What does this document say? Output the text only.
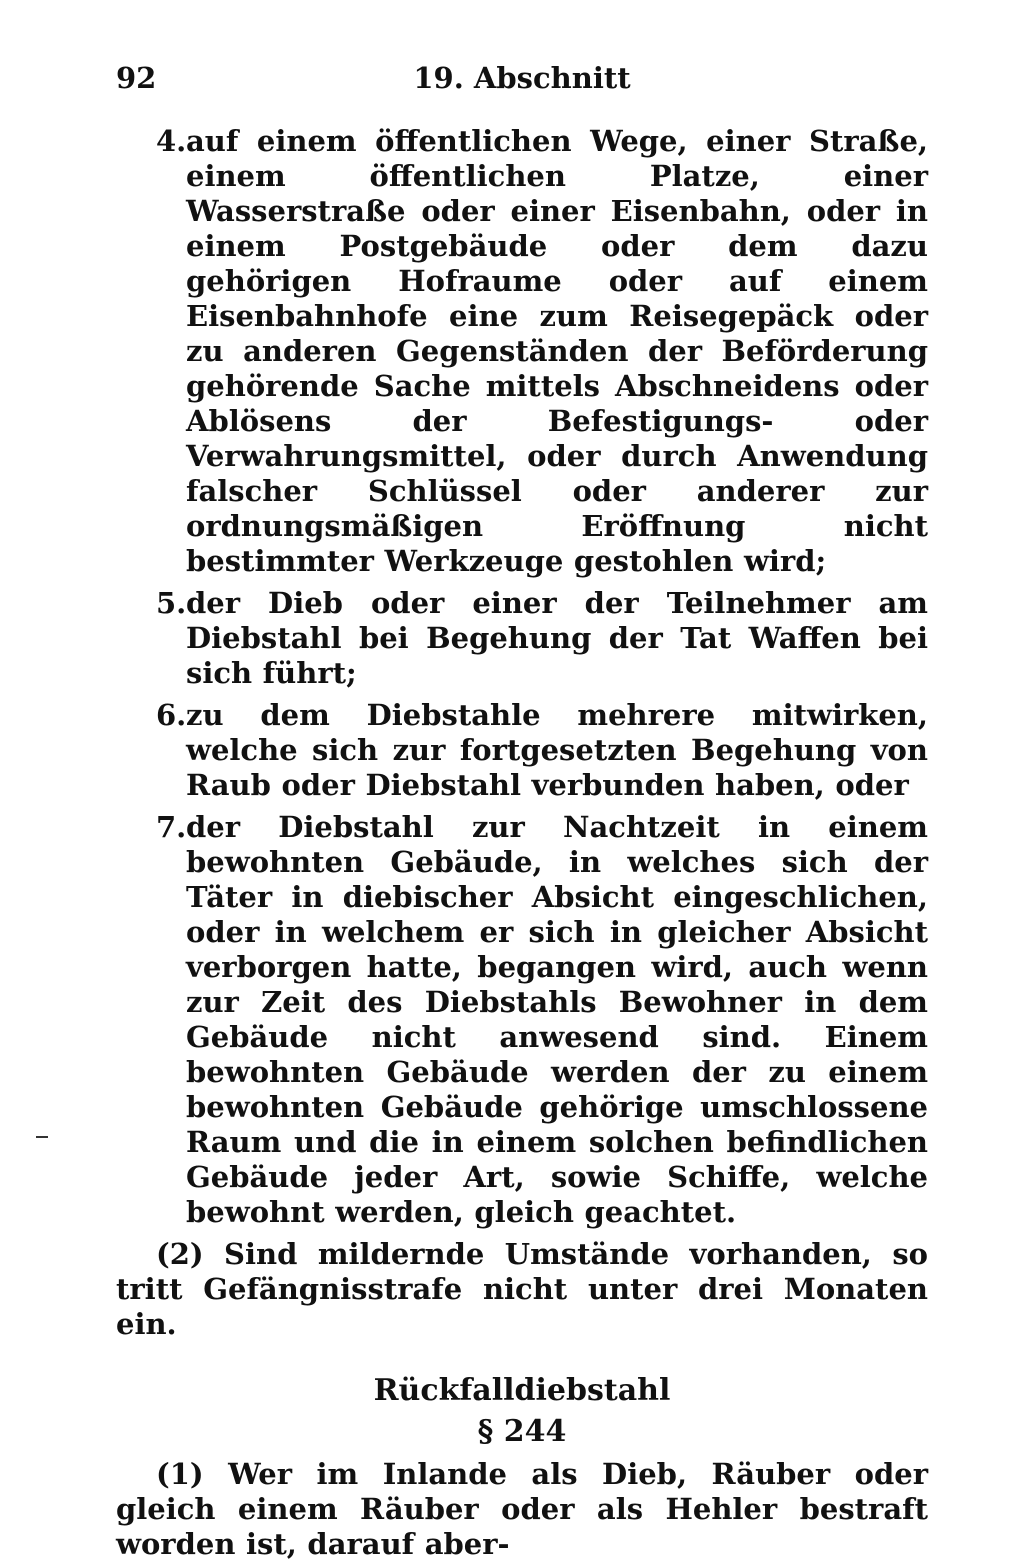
92	19. Abschnitt
4. auf einem öffentlichen Wege, einer Straße, einem öffentlichen Platze, einer Wasserstraße oder einer Eisenbahn, oder in einem Postgebäude oder dem dazu gehörigen Hofraume oder auf einem Eisenbahnhofe eine zum Reisegepäck oder zu anderen Gegenständen der Beförderung gehörende Sache mittels Abschneidens oder Ablösens der Befestigungs- oder Verwahrungsmittel, oder durch Anwendung falscher Schlüssel oder anderer zur ordnungsmäßigen Eröffnung nicht bestimmter Werkzeuge gestohlen wird;
5. der Dieb oder einer der Teilnehmer am Diebstahl bei Begehung der Tat Waffen bei sich führt;
6. zu dem Diebstahle mehrere mitwirken, welche sich zur fortgesetzten Begehung von Raub oder Diebstahl verbunden haben, oder
7. der Diebstahl zur Nachtzeit in einem bewohnten Gebäude, in welches sich der Täter in diebischer Absicht eingeschlichen, oder in welchem er sich in gleicher Absicht verborgen hatte, begangen wird, auch wenn zur Zeit des Diebstahls Bewohner in dem Gebäude nicht anwesend sind. Einem bewohnten Gebäude werden der zu einem bewohnten Gebäude gehörige umschlossene Raum und die in einem solchen befindlichen Gebäude jeder Art, sowie Schiffe, welche bewohnt werden, gleich geachtet.

(2) Sind mildernde Umstände vorhanden, so tritt Gefängnisstrafe nicht unter drei Monaten ein.

Rückfalldiebstahl

§ 244

(1) Wer im Inlande als Dieb, Räuber oder gleich einem Räuber oder als Hehler bestraft worden ist, darauf aber-
